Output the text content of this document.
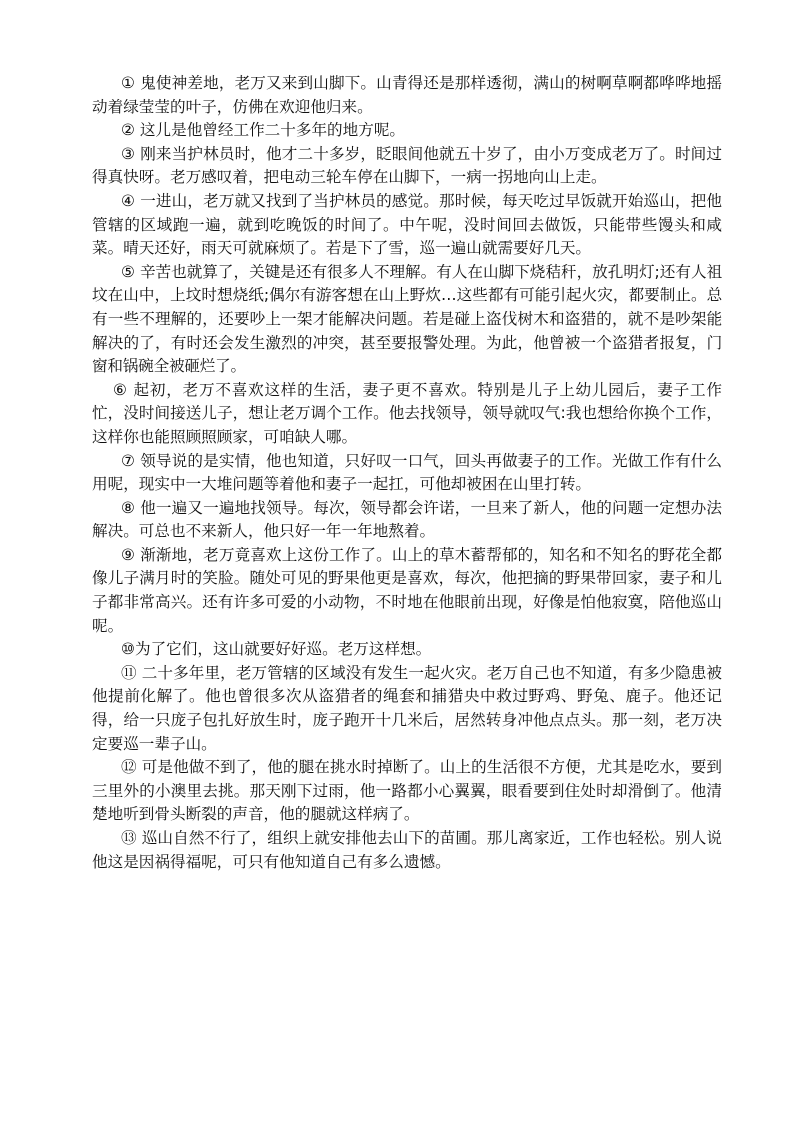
① 鬼使神差地，老万又来到山脚下。山青得还是那样透彻，满山的树啊草啊都哗哗地摇动着绿莹莹的叶子，仿佛在欢迎他归来。

② 这儿是他曾经工作二十多年的地方呢。

③ 刚来当护林员时，他才二十多岁，眨眼间他就五十岁了，由小万变成老万了。时间过得真快呀。老万感叹着，把电动三轮车停在山脚下，一病一拐地向山上走。

④ 一进山，老万就又找到了当护林员的感觉。那时候，每天吃过早饭就开始巡山，把他管辖的区域跑一遍，就到吃晚饭的时间了。中午呢，没时间回去做饭，只能带些馒头和咸菜。晴天还好，雨天可就麻烦了。若是下了雪，巡一遍山就需要好几天。

⑤ 辛苦也就算了，关键是还有很多人不理解。有人在山脚下烧秸秆，放孔明灯;还有人祖坟在山中，上坟时想烧纸;偶尔有游客想在山上野炊…这些都有可能引起火灾，都要制止。总有一些不理解的，还要吵上一架才能解决问题。若是碰上盗伐树木和盗猎的，就不是吵架能解决的了，有时还会发生激烈的冲突，甚至要报警处理。为此，他曾被一个盗猎者报复，门窗和锅碗全被砸烂了。

⑥ 起初，老万不喜欢这样的生活，妻子更不喜欢。特别是儿子上幼儿园后，妻子工作忙，没时间接送儿子，想让老万调个工作。他去找领导，领导就叹气:我也想给你换个工作，这样你也能照顾照顾家，可咱缺人哪。

⑦ 领导说的是实情，他也知道，只好叹一口气，回头再做妻子的工作。光做工作有什么用呢，现实中一大堆问题等着他和妻子一起扛，可他却被困在山里打转。

⑧ 他一遍又一遍地找领导。每次，领导都会许诺，一旦来了新人，他的问题一定想办法解决。可总也不来新人，他只好一年一年地熬着。

⑨ 渐渐地，老万竟喜欢上这份工作了。山上的草木蓄帮郁的，知名和不知名的野花全都像儿子满月时的笑脸。随处可见的野果他更是喜欢，每次，他把摘的野果带回家，妻子和儿子都非常高兴。还有许多可爱的小动物，不时地在他眼前出现，好像是怕他寂寞，陪他巡山呢。

⑩为了它们，这山就要好好巡。老万这样想。

⑪ 二十多年里，老万管辖的区域没有发生一起火灾。老万自己也不知道，有多少隐患被他提前化解了。他也曾很多次从盗猎者的绳套和捕猎央中救过野鸡、野兔、鹿子。他还记得，给一只庞子包扎好放生时，庞子跑开十几米后，居然转身冲他点点头。那一刻，老万决定要巡一辈子山。

⑫ 可是他做不到了，他的腿在挑水时掉断了。山上的生活很不方便，尤其是吃水，要到三里外的小澳里去挑。那天刚下过雨，他一路都小心翼翼，眼看要到住处时却滑倒了。他清楚地听到骨头断裂的声音，他的腿就这样病了。

⑬ 巡山自然不行了，组织上就安排他去山下的苗圃。那儿离家近，工作也轻松。别人说他这是因祸得福呢，可只有他知道自己有多么遗憾。
